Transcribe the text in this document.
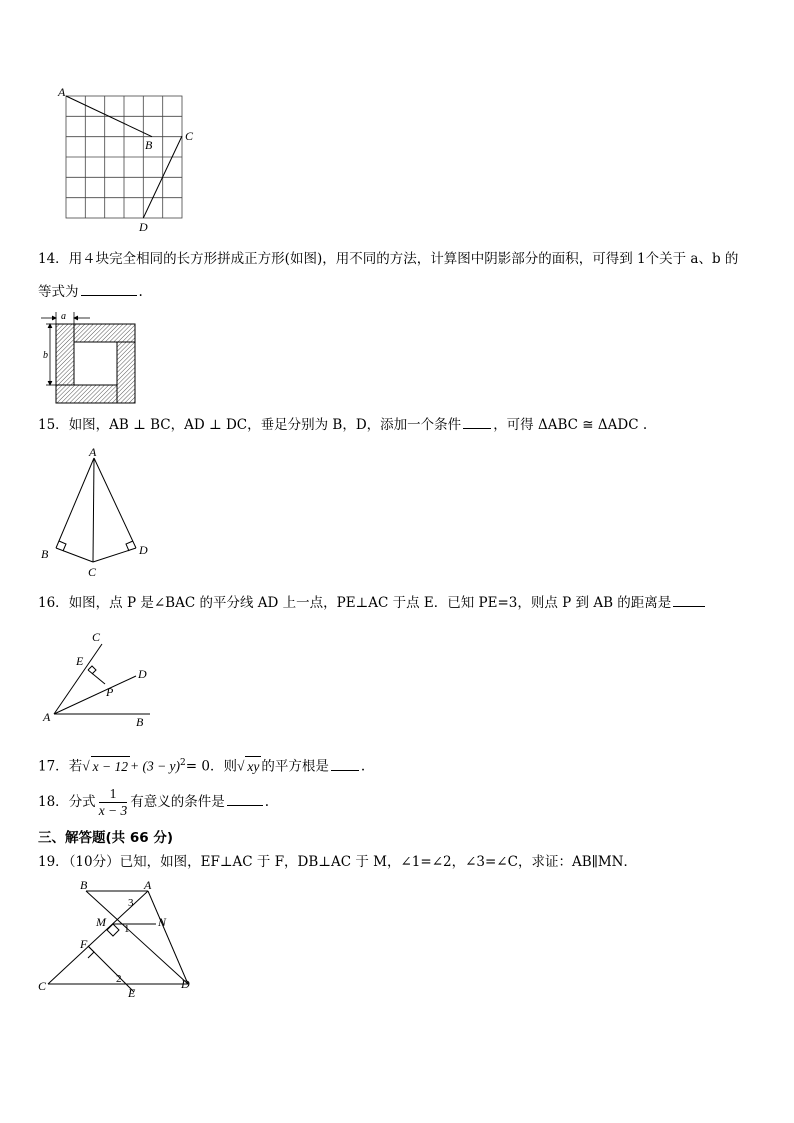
A
B
C
D
14．用４块完全相同的长方形拼成正方形(如图)，用不同的方法，计算图中阴影部分的面积，可得到 1个关于 a、b 的
等式为	.
a
b
15．如图，AB ⊥ BC，AD ⊥ DC，垂足分别为 B，D，添加一个条件 ，可得 ΔABC ≅ ΔADC .
A
B
C
D
16．如图，点 P 是∠BAC 的平分线 AD 上一点，PE⊥AC 于点 E．已知 PE=3，则点 P 到 AB 的距离是
C
E
D
P
A	B
17．若√ $x - 12 + (3 - y)^2= 0$．则√ xy 的平方根是 .
18．分式 $\frac{1}{x - 3}$ 有意义的条件是	.
三、解答题(共 66 分)
19．（10分）已知，如图，EF⊥AC 于 F，DB⊥AC 于 M，∠1=∠2，∠3=∠C，求证：AB∥MN．
B	A
3
M	N
1
F
2
C	E
D
